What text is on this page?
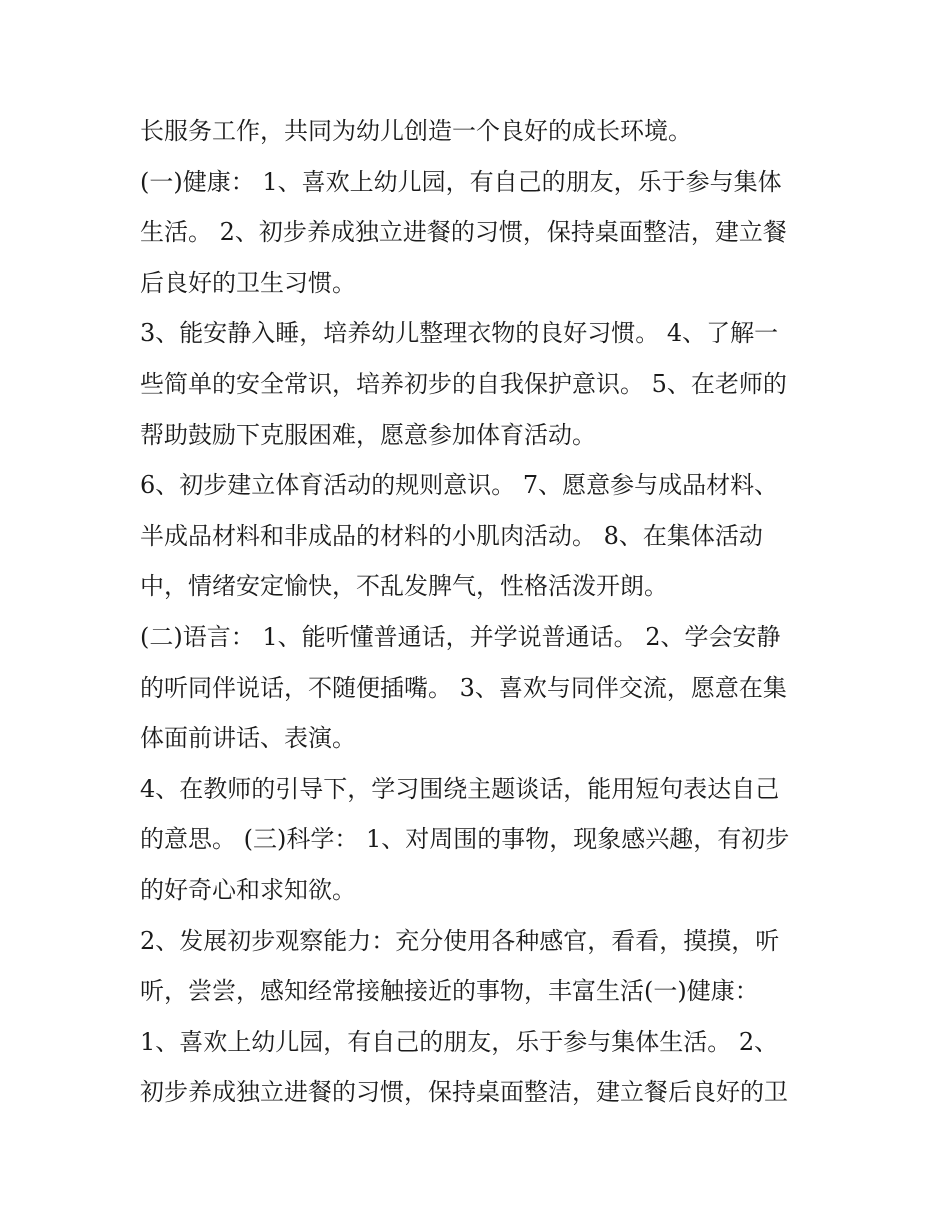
长服务工作，共同为幼儿创造一个良好的成长环境。
(一)健康： 1、喜欢上幼儿园，有自己的朋友，乐于参与集体
生活。 2、初步养成独立进餐的习惯，保持桌面整洁，建立餐
后良好的卫生习惯。
3、能安静入睡，培养幼儿整理衣物的良好习惯。 4、了解一
些简单的安全常识，培养初步的自我保护意识。 5、在老师的
帮助鼓励下克服困难，愿意参加体育活动。
6、初步建立体育活动的规则意识。 7、愿意参与成品材料、
半成品材料和非成品的材料的小肌肉活动。 8、在集体活动
中，情绪安定愉快，不乱发脾气，性格活泼开朗。
(二)语言： 1、能听懂普通话，并学说普通话。 2、学会安静
的听同伴说话，不随便插嘴。 3、喜欢与同伴交流，愿意在集
体面前讲话、表演。
4、在教师的引导下，学习围绕主题谈话，能用短句表达自己
的意思。 (三)科学： 1、对周围的事物，现象感兴趣，有初步
的好奇心和求知欲。
2、发展初步观察能力：充分使用各种感官，看看，摸摸，听
听，尝尝，感知经常接触接近的事物，丰富生活(一)健康：
1、喜欢上幼儿园，有自己的朋友，乐于参与集体生活。 2、
初步养成独立进餐的习惯，保持桌面整洁，建立餐后良好的卫
